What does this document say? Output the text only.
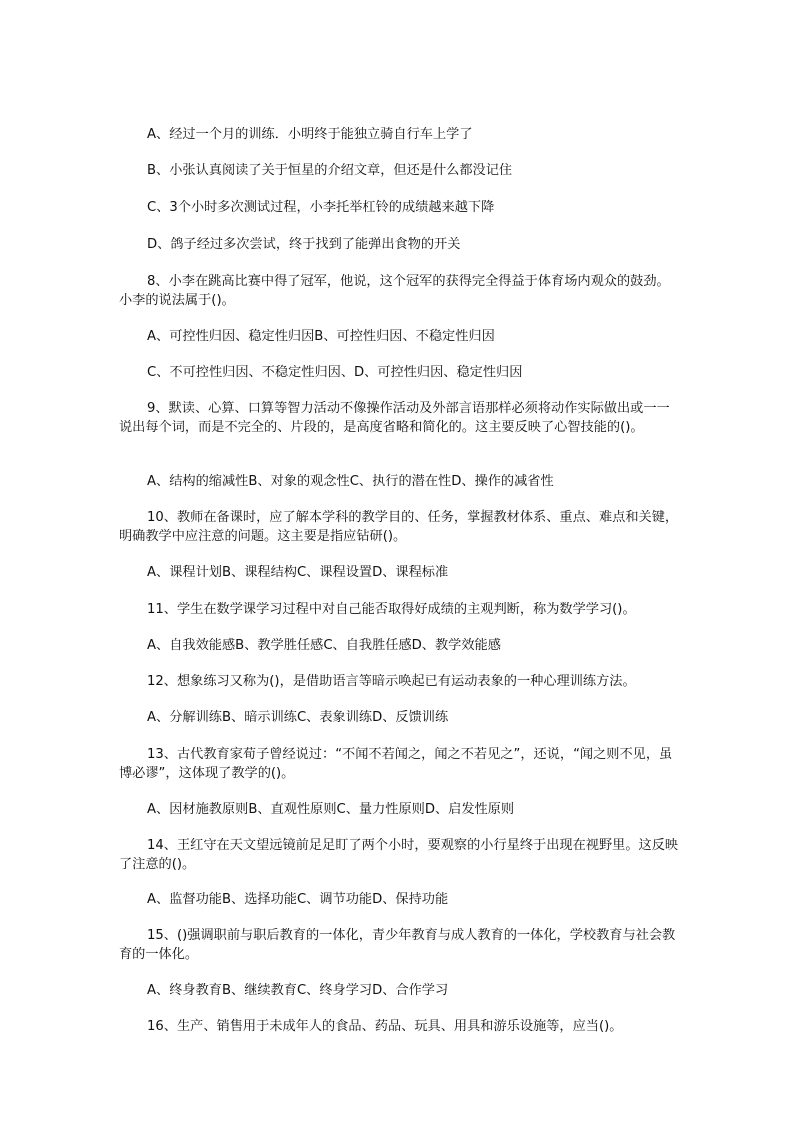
A、经过一个月的训练．小明终于能独立骑自行车上学了

B、小张认真阅读了关于恒星的介绍文章，但还是什么都没记住

C、3个小时多次测试过程，小李托举杠铃的成绩越来越下降

D、鸽子经过多次尝试，终于找到了能弹出食物的开关

8、小李在跳高比赛中得了冠军，他说，这个冠军的获得完全得益于体育场内观众的鼓劲。小李的说法属于()。

A、可控性归因、稳定性归因B、可控性归因、不稳定性归因

C、不可控性归因、不稳定性归因、D、可控性归因、稳定性归因

9、默读、心算、口算等智力活动不像操作活动及外部言语那样必须将动作实际做出或一一说出每个词，而是不完全的、片段的，是高度省略和简化的。这主要反映了心智技能的()。

A、结构的缩减性B、对象的观念性C、执行的潜在性D、操作的减省性

10、教师在备课时，应了解本学科的教学目的、任务，掌握教材体系、重点、难点和关键，明确教学中应注意的问题。这主要是指应钻研()。

A、课程计划B、课程结构C、课程设置D、课程标准

11、学生在数学课学习过程中对自己能否取得好成绩的主观判断，称为数学学习()。

A、自我效能感B、教学胜任感C、自我胜任感D、教学效能感

12、想象练习又称为()，是借助语言等暗示唤起已有运动表象的一种心理训练方法。

A、分解训练B、暗示训练C、表象训练D、反馈训练

13、古代教育家荀子曾经说过：“不闻不若闻之，闻之不若见之”，还说，“闻之则不见，虽博必谬”，这体现了教学的()。

A、因材施教原则B、直观性原则C、量力性原则D、启发性原则

14、王红守在天文望远镜前足足盯了两个小时，要观察的小行星终于出现在视野里。这反映了注意的()。

A、监督功能B、选择功能C、调节功能D、保持功能

15、()强调职前与职后教育的一体化，青少年教育与成人教育的一体化，学校教育与社会教育的一体化。

A、终身教育B、继续教育C、终身学习D、合作学习

16、生产、销售用于未成年人的食品、药品、玩具、用具和游乐设施等，应当()。
